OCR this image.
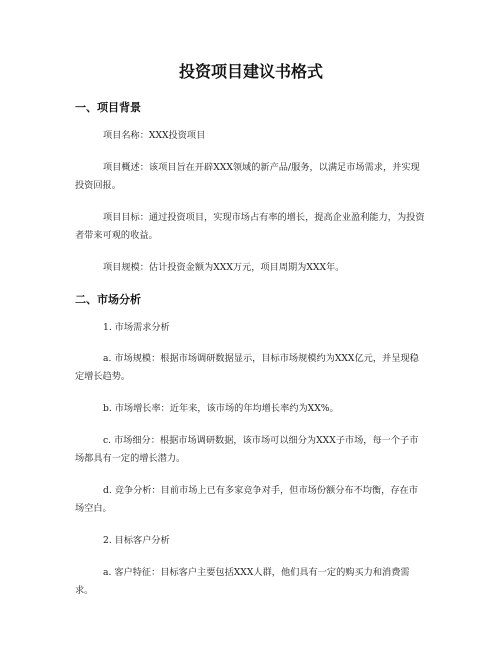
投资项目建议书格式
一、项目背景

项目名称：XXX投资项目

项目概述：该项目旨在开辟XXX领域的新产品/服务，以满足市场需求，并实现投资回报。

项目目标：通过投资项目，实现市场占有率的增长，提高企业盈利能力，为投资者带来可观的收益。

项目规模：估计投资金额为XXX万元，项目周期为XXX年。

二、市场分析

1. 市场需求分析

a. 市场规模：根据市场调研数据显示，目标市场规模约为XXX亿元，并呈现稳定增长趋势。

b. 市场增长率：近年来，该市场的年均增长率约为XX%。

c. 市场细分：根据市场调研数据，该市场可以细分为XXX子市场，每一个子市场都具有一定的增长潜力。

d. 竞争分析：目前市场上已有多家竞争对手，但市场份额分布不均衡，存在市场空白。

2. 目标客户分析

a. 客户特征：目标客户主要包括XXX人群，他们具有一定的购买力和消费需求。
